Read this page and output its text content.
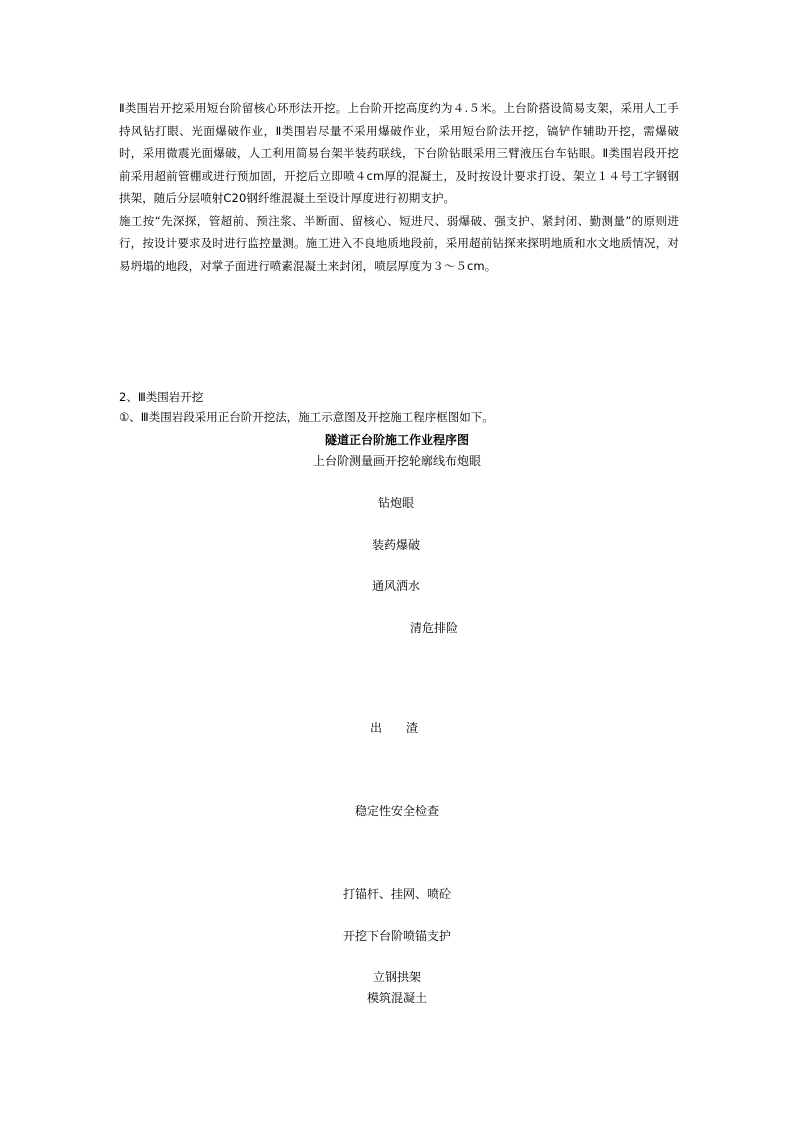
Ⅱ类围岩开挖采用短台阶留核心环形法开挖。上台阶开挖高度约为４.５米。上台阶搭设简易支架，采用人工手持风钻打眼、光面爆破作业，Ⅱ类围岩尽量不采用爆破作业，采用短台阶法开挖，镐铲作辅助开挖，需爆破时，采用微震光面爆破，人工利用简易台架半装药联线，下台阶钻眼采用三臂液压台车钻眼。Ⅱ类围岩段开挖前采用超前管棚或进行预加固，开挖后立即喷４cm厚的混凝土，及时按设计要求打设、架立１４号工字钢钢拱架，随后分层喷射C20钢纤维混凝土至设计厚度进行初期支护。

施工按“先深探，管超前、预注浆、半断面、留核心、短进尺、弱爆破、强支护、紧封闭、勤测量”的原则进行，按设计要求及时进行监控量测。施工进入不良地质地段前，采用超前钻探来探明地质和水文地质情况，对易坍塌的地段，对掌子面进行喷素混凝土来封闭，喷层厚度为３～５cm。

2、Ⅲ类围岩开挖
①、Ⅲ类围岩段采用正台阶开挖法，施工示意图及开挖施工程序框图如下。
隧道正台阶施工作业程序图
上台阶测量画开挖轮廓线布炮眼
钻炮眼
装药爆破
通风洒水
清危排险
出　　渣
稳定性安全检查
打锚杆、挂网、喷砼
开挖下台阶喷锚支护
立钢拱架
模筑混凝土
